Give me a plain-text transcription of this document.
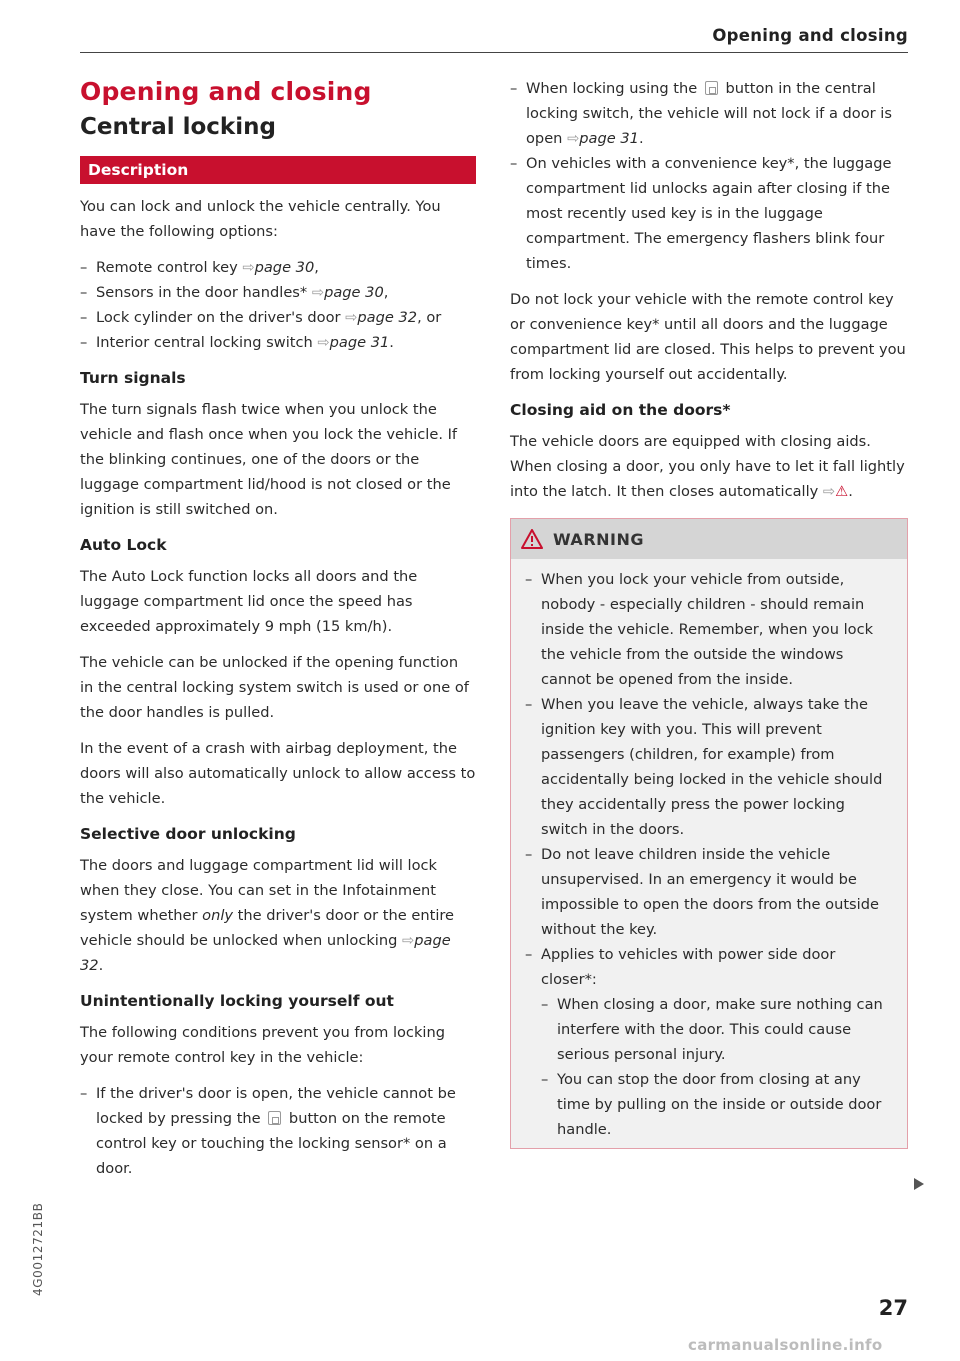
Opening and closing
Opening and closing
Central locking
Description

You can lock and unlock the vehicle centrally. You have the following options:

– Remote control key ⇨page 30,
– Sensors in the door handles* ⇨page 30,
– Lock cylinder on the driver's door ⇨page 32, or
– Interior central locking switch ⇨page 31.
Turn signals

The turn signals flash twice when you unlock the vehicle and flash once when you lock the vehicle. If the blinking continues, one of the doors or the luggage compartment lid/hood is not closed or the ignition is still switched on.

Auto Lock

The Auto Lock function locks all doors and the luggage compartment lid once the speed has exceeded approximately 9 mph (15 km/h).

The vehicle can be unlocked if the opening function in the central locking system switch is used or one of the door handles is pulled.

In the event of a crash with airbag deployment, the doors will also automatically unlock to allow access to the vehicle.

Selective door unlocking

The doors and luggage compartment lid will lock when they close. You can set in the Infotainment system whether only the driver's door or the entire vehicle should be unlocked when unlocking ⇨page 32.

Unintentionally locking yourself out

The following conditions prevent you from locking your remote control key in the vehicle:

– If the driver's door is open, the vehicle cannot be locked by pressing the  button on the remote control key or touching the locking sensor* on a door.
– When locking using the  button in the central locking switch, the vehicle will not lock if a door is open ⇨page 31.
– On vehicles with a convenience key*, the luggage compartment lid unlocks again after closing if the most recently used key is in the luggage compartment. The emergency flashers blink four times.

Do not lock your vehicle with the remote control key or convenience key* until all doors and the luggage compartment lid are closed. This helps to prevent you from locking yourself out accidentally.

Closing aid on the doors*

The vehicle doors are equipped with closing aids. When closing a door, you only have to let it fall lightly into the latch. It then closes automatically ⇨⚠.

WARNING
– When you lock your vehicle from outside, nobody - especially children - should remain inside the vehicle. Remember, when you lock the vehicle from the outside the windows cannot be opened from the inside.
– When you leave the vehicle, always take the ignition key with you. This will prevent passengers (children, for example) from accidentally being locked in the vehicle should they accidentally press the power locking switch in the doors.
– Do not leave children inside the vehicle unsupervised. In an emergency it would be impossible to open the doors from the outside without the key.
– Applies to vehicles with power side door closer*:
– When closing a door, make sure nothing can interfere with the door. This could cause serious personal injury.
– You can stop the door from closing at any time by pulling on the inside or outside door handle.
4G0012721BB
27
carmanualsonline.info
